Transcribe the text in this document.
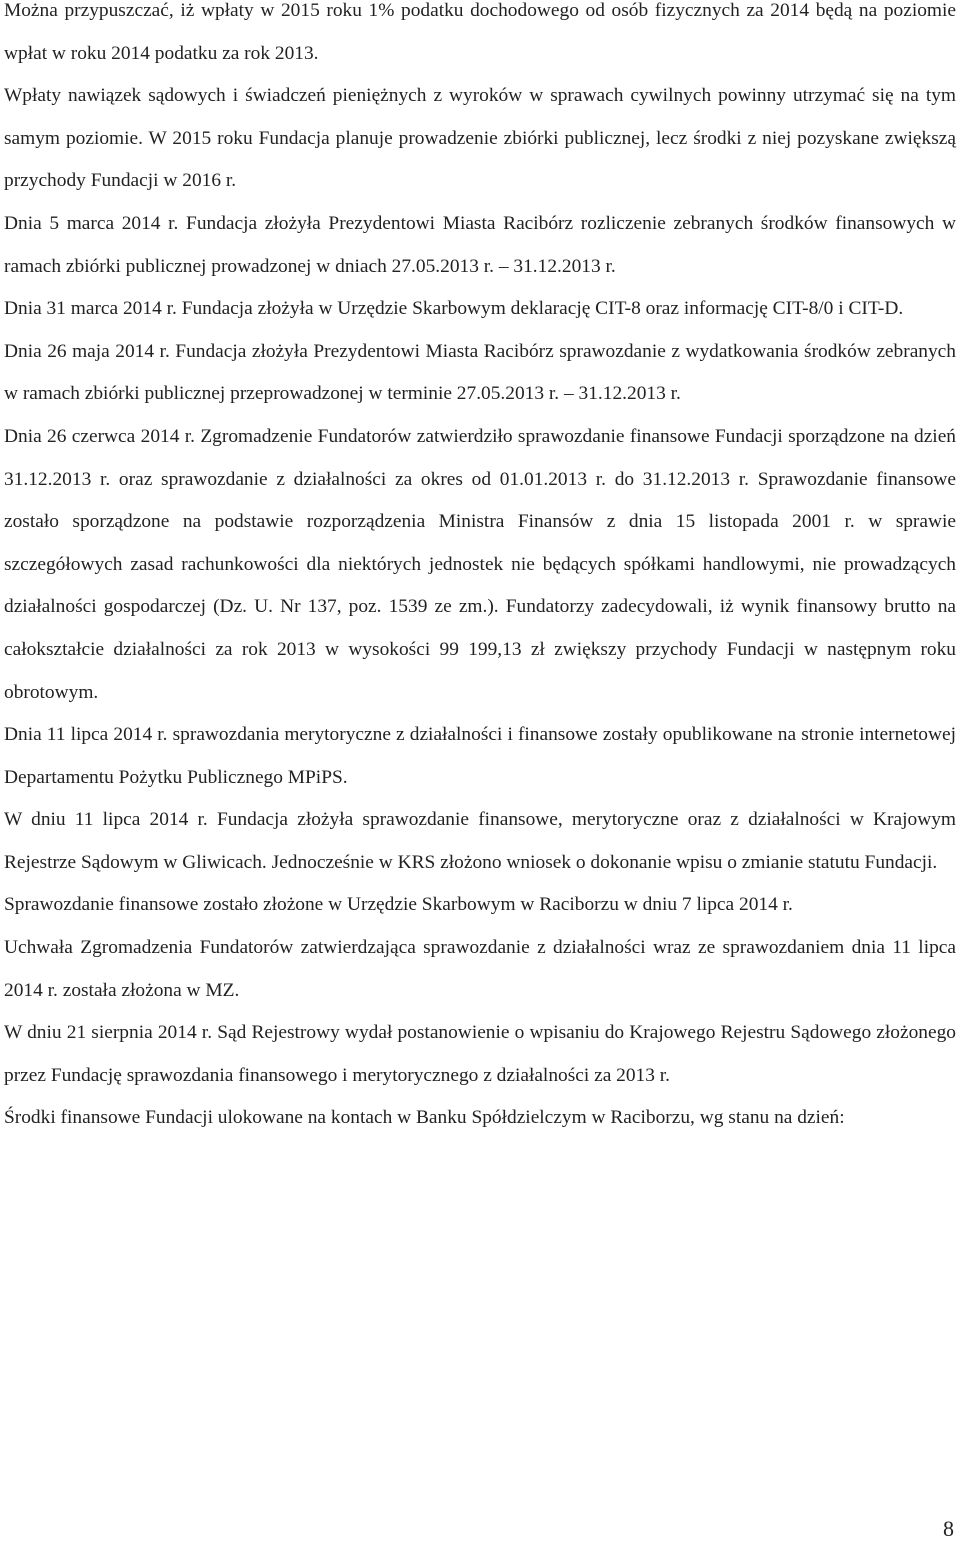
Można przypuszczać, iż wpłaty w 2015 roku 1% podatku dochodowego od osób fizycznych za 2014 będą na poziomie wpłat w roku 2014 podatku za rok 2013.

Wpłaty nawiązek sądowych i świadczeń pieniężnych z wyroków w sprawach cywilnych powinny utrzymać się na tym samym poziomie. W 2015 roku Fundacja planuje prowadzenie zbiórki publicznej, lecz środki z niej pozyskane zwiększą przychody Fundacji w 2016 r.

Dnia 5 marca 2014 r. Fundacja złożyła Prezydentowi Miasta Racibórz rozliczenie zebranych środków finansowych w ramach zbiórki publicznej prowadzonej w dniach 27.05.2013 r. – 31.12.2013 r.

Dnia 31 marca 2014 r. Fundacja złożyła w Urzędzie Skarbowym deklarację CIT-8 oraz informację CIT-8/0 i CIT-D.

Dnia 26 maja 2014 r. Fundacja złożyła Prezydentowi Miasta Racibórz sprawozdanie z wydatkowania środków zebranych w ramach zbiórki publicznej przeprowadzonej w terminie 27.05.2013 r. – 31.12.2013 r.

Dnia 26 czerwca 2014 r. Zgromadzenie Fundatorów zatwierdziło sprawozdanie finansowe Fundacji sporządzone na dzień 31.12.2013 r. oraz sprawozdanie z działalności za okres od 01.01.2013 r. do 31.12.2013 r. Sprawozdanie finansowe zostało sporządzone na podstawie rozporządzenia Ministra Finansów z dnia 15 listopada 2001 r. w sprawie szczegółowych zasad rachunkowości dla niektórych jednostek nie będących spółkami handlowymi, nie prowadzących działalności gospodarczej (Dz. U. Nr 137, poz. 1539 ze zm.). Fundatorzy zadecydowali, iż wynik finansowy brutto na całokształcie działalności za rok 2013 w wysokości 99 199,13 zł zwiększy przychody Fundacji w następnym roku obrotowym.

Dnia 11 lipca 2014 r. sprawozdania merytoryczne z działalności i finansowe zostały opublikowane na stronie internetowej Departamentu Pożytku Publicznego MPiPS.

W dniu 11 lipca 2014 r. Fundacja złożyła sprawozdanie finansowe, merytoryczne oraz z działalności w Krajowym Rejestrze Sądowym w Gliwicach. Jednocześnie w KRS złożono wniosek o dokonanie wpisu o zmianie statutu Fundacji.

Sprawozdanie finansowe zostało złożone w Urzędzie Skarbowym w Raciborzu w dniu 7 lipca 2014 r.

Uchwała Zgromadzenia Fundatorów zatwierdzająca sprawozdanie z działalności wraz ze sprawozdaniem dnia 11 lipca 2014 r. została złożona w MZ.

W dniu 21 sierpnia 2014 r. Sąd Rejestrowy wydał postanowienie o wpisaniu do Krajowego Rejestru Sądowego złożonego przez Fundację sprawozdania finansowego i merytorycznego z działalności za 2013 r.

Środki finansowe Fundacji ulokowane na kontach w Banku Spółdzielczym w Raciborzu, wg stanu na dzień:

8
